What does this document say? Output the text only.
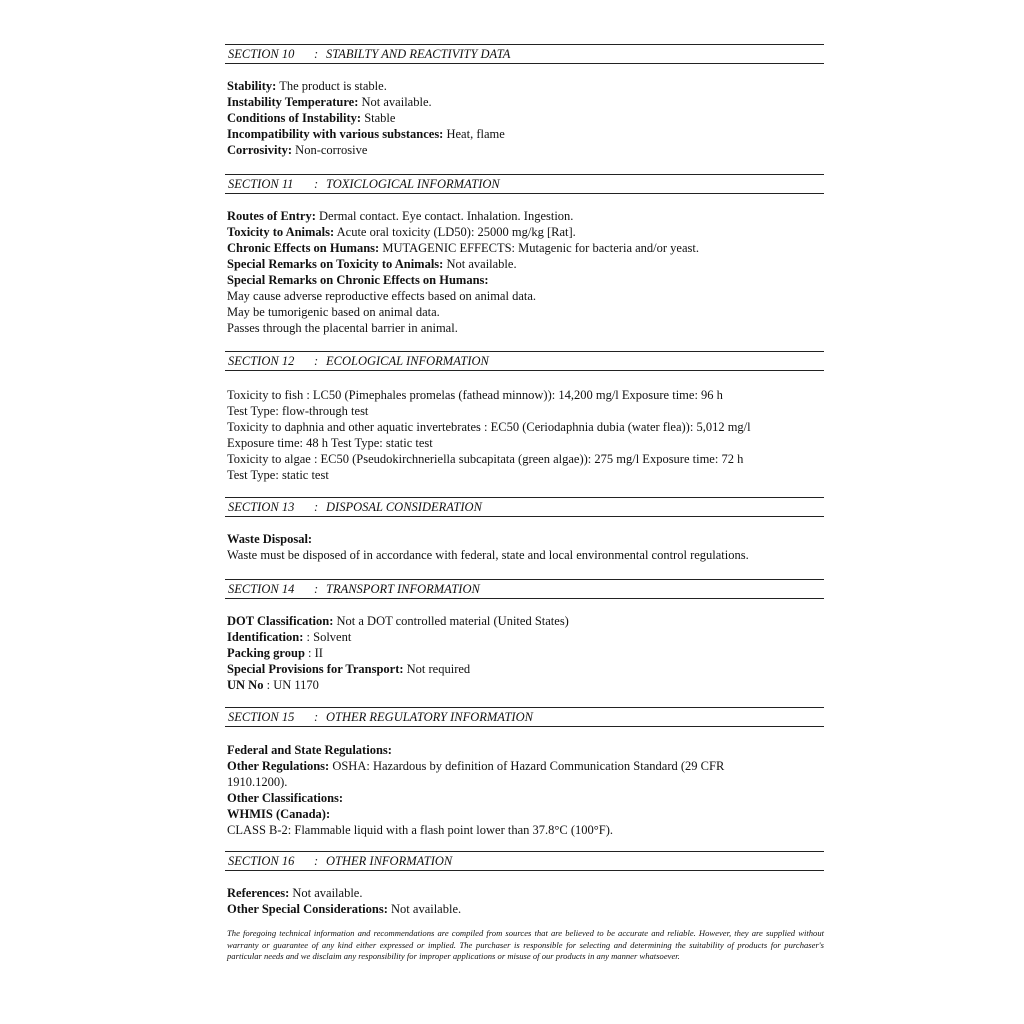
SECTION 10 : STABILTY AND REACTIVITY DATA
Stability: The product is stable.
Instability Temperature: Not available.
Conditions of Instability: Stable
Incompatibility with various substances: Heat, flame
Corrosivity: Non-corrosive
SECTION 11 : TOXICLOGICAL INFORMATION
Routes of Entry: Dermal contact. Eye contact. Inhalation. Ingestion.
Toxicity to Animals: Acute oral toxicity (LD50): 25000 mg/kg [Rat].
Chronic Effects on Humans: MUTAGENIC EFFECTS: Mutagenic for bacteria and/or yeast.
Special Remarks on Toxicity to Animals: Not available.
Special Remarks on Chronic Effects on Humans:
May cause adverse reproductive effects based on animal data.
May be tumorigenic based on animal data.
Passes through the placental barrier in animal.
SECTION 12 : ECOLOGICAL INFORMATION
Toxicity to fish : LC50 (Pimephales promelas (fathead minnow)): 14,200 mg/l Exposure time: 96 h
Test Type: flow-through test
Toxicity to daphnia and other aquatic invertebrates : EC50 (Ceriodaphnia dubia (water flea)): 5,012 mg/l
Exposure time: 48 h Test Type: static test
Toxicity to algae : EC50 (Pseudokirchneriella subcapitata (green algae)): 275 mg/l Exposure time: 72 h
Test Type: static test
SECTION 13 : DISPOSAL CONSIDERATION
Waste Disposal:
Waste must be disposed of in accordance with federal, state and local environmental control regulations.
SECTION 14 : TRANSPORT INFORMATION
DOT Classification: Not a DOT controlled material (United States)
Identification: : Solvent
Packing group : II
Special Provisions for Transport: Not required
UN No : UN 1170
SECTION 15 : OTHER REGULATORY INFORMATION
Federal and State Regulations:
Other Regulations: OSHA: Hazardous by definition of Hazard Communication Standard (29 CFR 1910.1200).
Other Classifications:
WHMIS (Canada):
CLASS B-2: Flammable liquid with a flash point lower than 37.8°C (100°F).
SECTION 16 : OTHER INFORMATION
References: Not available.
Other Special Considerations: Not available.
The foregoing technical information and recommendations are compiled from sources that are believed to be accurate and reliable. However, they are supplied without warranty or guarantee of any kind either expressed or implied. The purchaser is responsible for selecting and determining the suitability of products for purchaser's particular needs and we disclaim any responsibility for improper applications or misuse of our products in any manner whatsoever.
